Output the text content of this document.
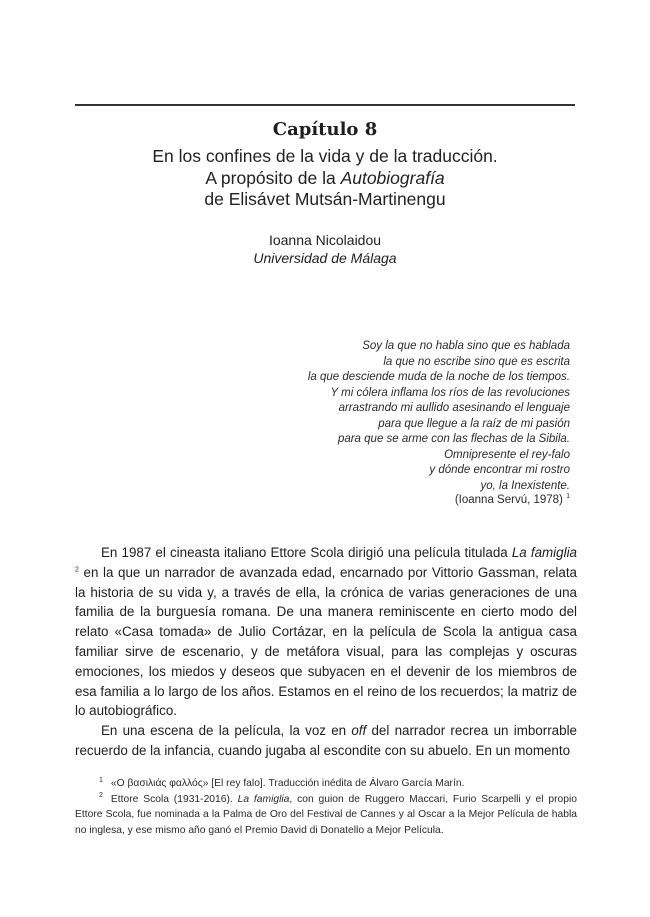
Capítulo 8
En los confines de la vida y de la traducción.
A propósito de la Autobiografía
de Elisávet Mutsán-Martinengu
Ioanna Nicolaidou
Universidad de Málaga
Soy la que no habla sino que es hablada
la que no escribe sino que es escrita
la que desciende muda de la noche de los tiempos.
Y mi cólera inflama los ríos de las revoluciones
arrastrando mi aullido asesinando el lenguaje
para que llegue a la raíz de mi pasión
para que se arme con las flechas de la Sibila.
Omnipresente el rey-falo
y dónde encontrar mi rostro
yo, la Inexistente.
(Ioanna Servú, 1978) $^1$

En 1987 el cineasta italiano Ettore Scola dirigió una película titulada La famiglia $^2$ en la que un narrador de avanzada edad, encarnado por Vittorio Gassman, relata la historia de su vida y, a través de ella, la crónica de varias generaciones de una familia de la burguesía romana. De una manera reminiscente en cierto modo del relato «Casa tomada» de Julio Cortázar, en la película de Scola la antigua casa familiar sirve de escenario, y de metáfora visual, para las complejas y oscuras emociones, los miedos y deseos que subyacen en el devenir de los miembros de esa familia a lo largo de los años. Estamos en el reino de los recuerdos; la matriz de lo autobiográfico.

En una escena de la película, la voz en off del narrador recrea un imborrable recuerdo de la infancia, cuando jugaba al escondite con su abuelo. En un momento

$^1$ «Ο βασιλιάς φαλλός» [El rey falo]. Traducción inédita de Álvaro García Marín.

$^2$ Ettore Scola (1931-2016). La famiglia, con guion de Ruggero Maccari, Furio Scarpelli y el propio Ettore Scola, fue nominada a la Palma de Oro del Festival de Cannes y al Oscar a la Mejor Película de habla no inglesa, y ese mismo año ganó el Premio David di Donatello a Mejor Película.
